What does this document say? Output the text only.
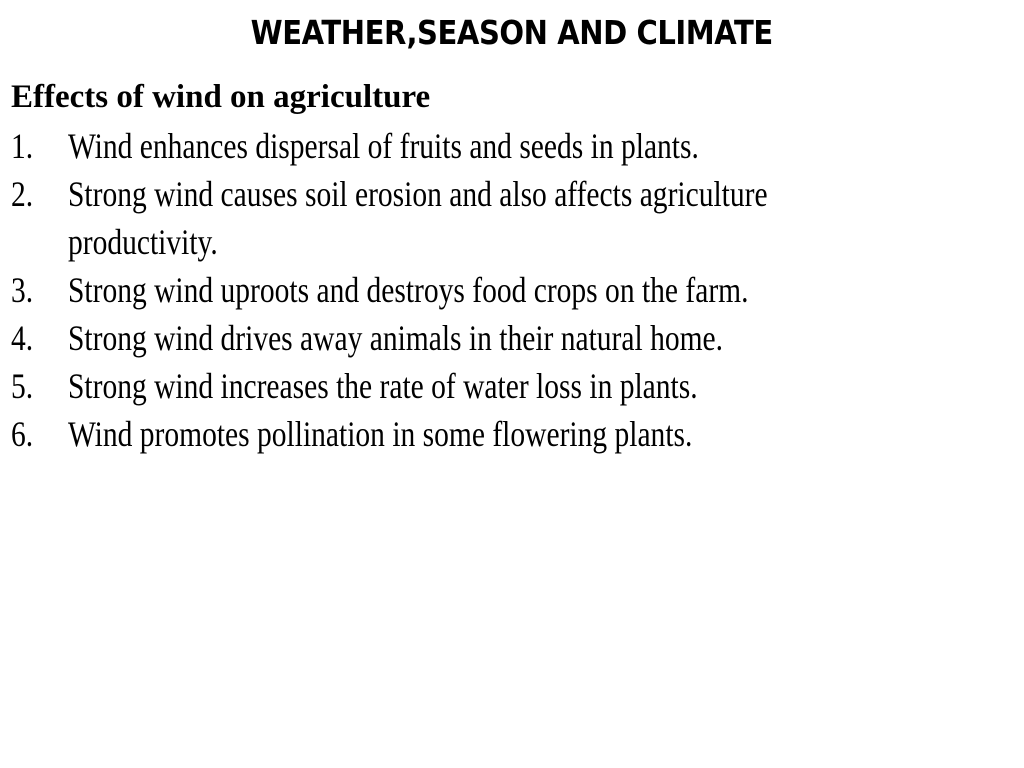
WEATHER,SEASON AND CLIMATE
Effects of wind on agriculture
1. Wind enhances dispersal of fruits and seeds in plants.
2. Strong wind causes soil erosion and also affects agriculture
productivity.
3. Strong wind uproots and destroys food crops on the farm.
4. Strong wind drives away animals in their natural home.
5. Strong wind increases the rate of water loss in plants.
6. Wind promotes pollination in some flowering plants.
